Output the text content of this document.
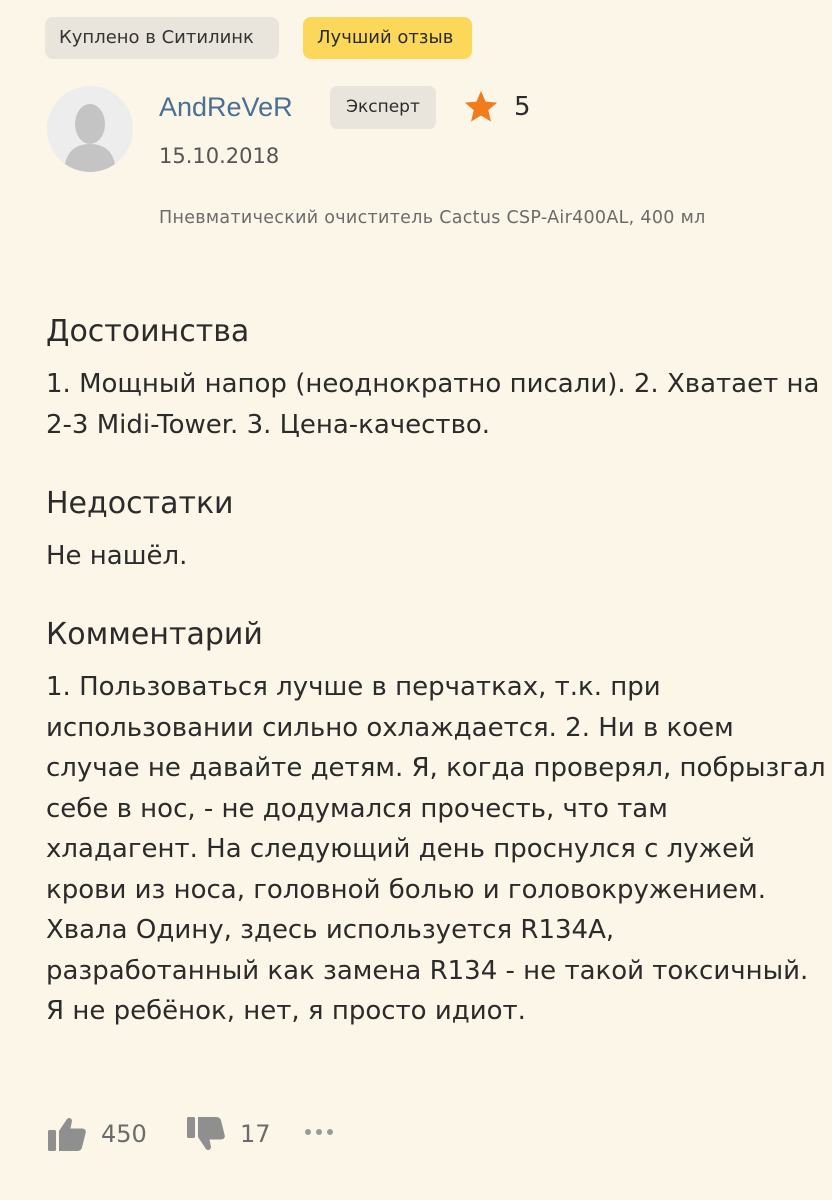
Куплено в Ситилинк	Лучший отзыв
AndReVeR	Эксперт	5
15.10.2018
Пневматический очиститель Cactus CSP-Air400AL, 400 мл
Достоинства
1. Мощный напор (неоднократно писали). 2. Хватает на 2-3 Midi-Tower. 3. Цена-качество.
Недостатки
Не нашёл.
Комментарий
1. Пользоваться лучше в перчатках, т.к. при использовании сильно охлаждается. 2. Ни в коем случае не давайте детям. Я, когда проверял, побрызгал себе в нос, - не додумался прочесть, что там хладагент. На следующий день проснулся с лужей крови из носа, головной болью и головокружением. Хвала Одину, здесь используется R134A, разработанный как замена R134 - не такой токсичный. Я не ребёнок, нет, я просто идиот.
450	17
